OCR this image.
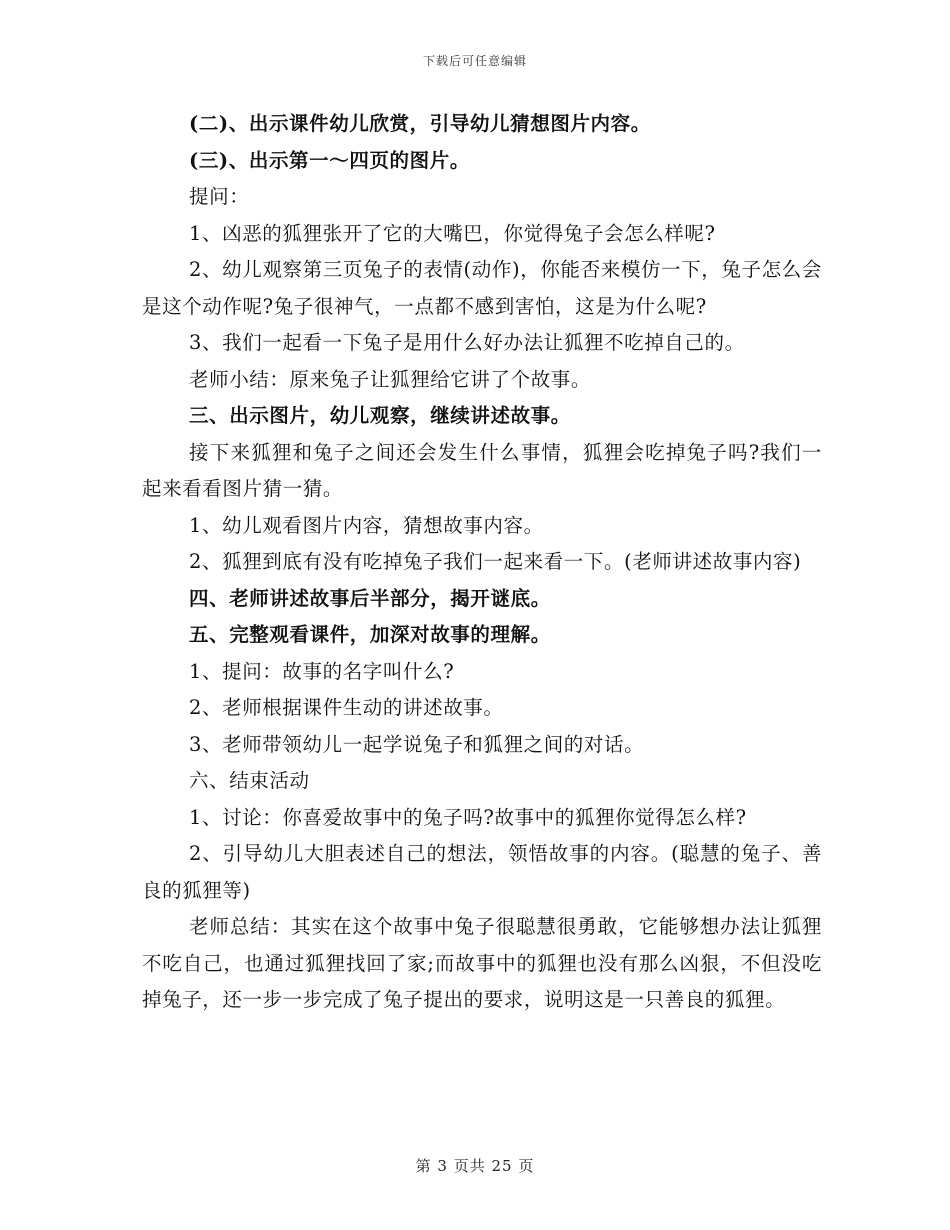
下载后可任意编辑

(二)、出示课件幼儿欣赏，引导幼儿猜想图片内容。

(三)、出示第一～四页的图片。

提问：

1、凶恶的狐狸张开了它的大嘴巴，你觉得兔子会怎么样呢?

2、幼儿观察第三页兔子的表情(动作)，你能否来模仿一下，兔子怎么会是这个动作呢?兔子很神气，一点都不感到害怕，这是为什么呢?

3、我们一起看一下兔子是用什么好办法让狐狸不吃掉自己的。

老师小结：原来兔子让狐狸给它讲了个故事。

三、出示图片，幼儿观察，继续讲述故事。

接下来狐狸和兔子之间还会发生什么事情，狐狸会吃掉兔子吗?我们一起来看看图片猜一猜。

1、幼儿观看图片内容，猜想故事内容。

2、狐狸到底有没有吃掉兔子我们一起来看一下。(老师讲述故事内容)

四、老师讲述故事后半部分，揭开谜底。

五、完整观看课件，加深对故事的理解。

1、提问：故事的名字叫什么?

2、老师根据课件生动的讲述故事。

3、老师带领幼儿一起学说兔子和狐狸之间的对话。

六、结束活动

1、讨论：你喜爱故事中的兔子吗?故事中的狐狸你觉得怎么样?

2、引导幼儿大胆表述自己的想法，领悟故事的内容。(聪慧的兔子、善良的狐狸等)

老师总结：其实在这个故事中兔子很聪慧很勇敢，它能够想办法让狐狸不吃自己，也通过狐狸找回了家;而故事中的狐狸也没有那么凶狠，不但没吃掉兔子，还一步一步完成了兔子提出的要求，说明这是一只善良的狐狸。

第 3 页共 25 页
